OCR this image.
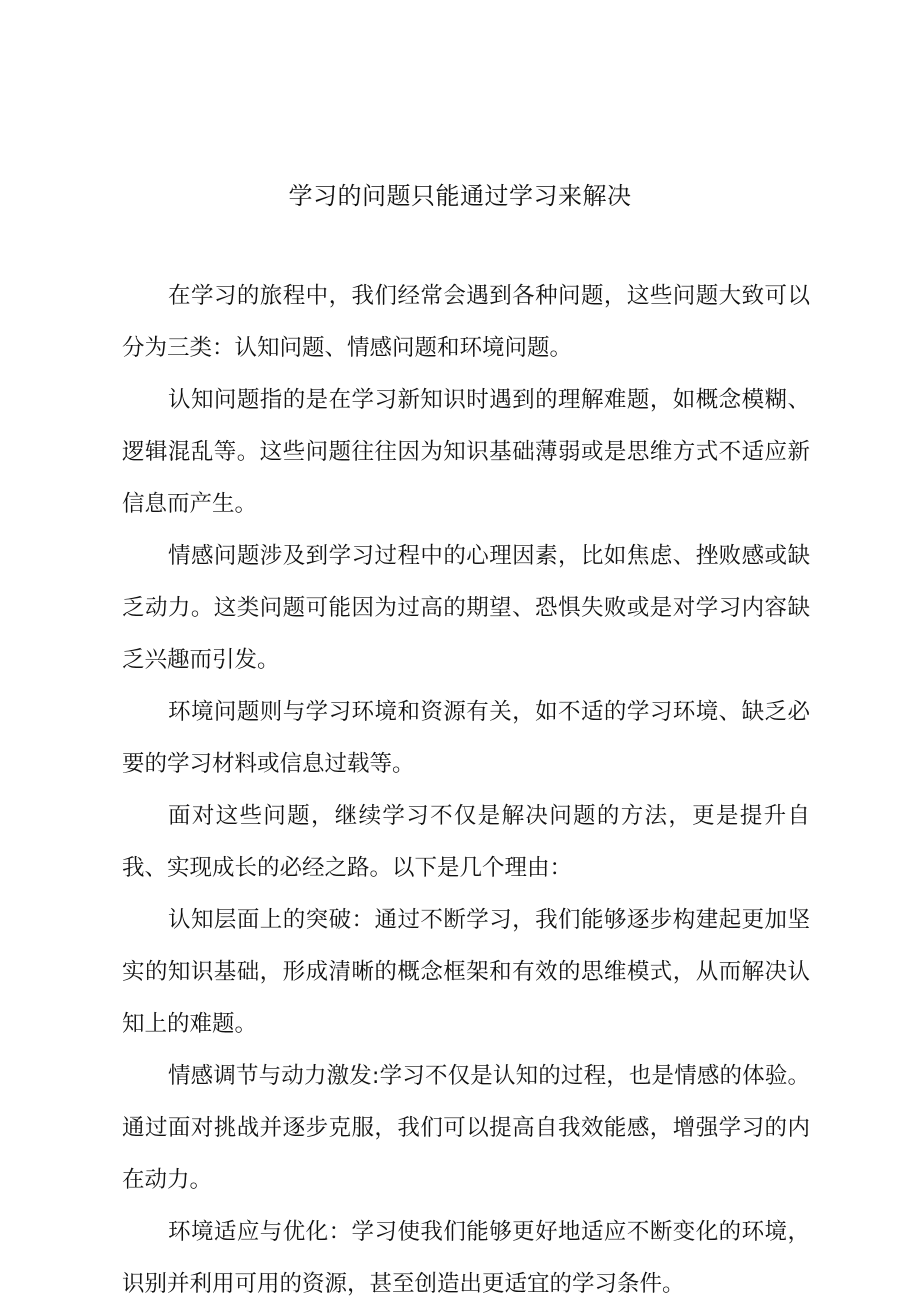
学习的问题只能通过学习来解决

在学习的旅程中，我们经常会遇到各种问题，这些问题大致可以分为三类：认知问题、情感问题和环境问题。

认知问题指的是在学习新知识时遇到的理解难题，如概念模糊、逻辑混乱等。这些问题往往因为知识基础薄弱或是思维方式不适应新信息而产生。

情感问题涉及到学习过程中的心理因素，比如焦虑、挫败感或缺乏动力。这类问题可能因为过高的期望、恐惧失败或是对学习内容缺乏兴趣而引发。

环境问题则与学习环境和资源有关，如不适的学习环境、缺乏必要的学习材料或信息过载等。

面对这些问题，继续学习不仅是解决问题的方法，更是提升自我、实现成长的必经之路。以下是几个理由：

认知层面上的突破：通过不断学习，我们能够逐步构建起更加坚实的知识基础，形成清晰的概念框架和有效的思维模式，从而解决认知上的难题。

情感调节与动力激发:学习不仅是认知的过程，也是情感的体验。通过面对挑战并逐步克服，我们可以提高自我效能感，增强学习的内在动力。

环境适应与优化：学习使我们能够更好地适应不断变化的环境，识别并利用可用的资源，甚至创造出更适宜的学习条件。
